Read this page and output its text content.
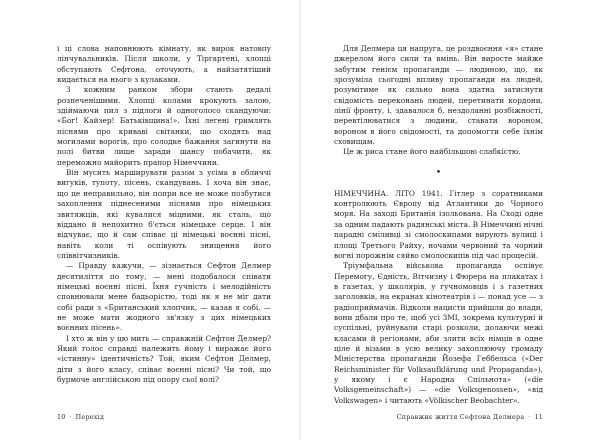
і ці слова наповнюють кімнату, як вирок натовпу лінчувальників. Після школи, у Тіргартені, хлопці обступають Сефтона, оточують, а найзатятіший кидається на нього з кулаками.

З кожним ранком збори стають дедалі розпеченішими. Хлопці колами крокують залою, здіймаючи пил з підлоги й одноголосо скандуючи: «Бог! Кайзер! Батьківщина!». Їхні легені гримлять піснями про криваві світанки, що сходять над могилами ворогів, про солодке бажання загинути на полі битви лише заради шансу побачити, як переможно майорить прапор Німеччини.

Він мусить марширувати разом з усіма в обличчі вигуків, тупоту, пісень, скандувань. І хоча він знає, що це неправильно, він попри все не може позбутися захоплення піднесеними піснями про німецьких звитяжців, які кувалися міцними, як сталь, що віддано й непохитно б'ється німецьке серце. І він відчуває, що й сам співає ці німецькі воєнні пісні, навіть коли ті оспівують знищення його співвітчизників.

— Правду кажучи, — зізнається Сефтон Делмер десятиліття по тому, — мені подобалося співати німецькі воєнні пісні. Їхня гучність і мелодійність сповнювали мене бадьорістю, тоді як я не міг дати собі ради з «Британський хлопчик, — казав я собі, — не може мати жодного зв'язку з цих німецьких воєнних пісень».

І хто ж він у цю мить — справжній Сефтон Делмер? Який голос справді належить йому і виражає його «істинну» ідентичність? Той, яким Сефтон Делмер, діти з його класу, співає воєнні пісні? Чи той, що бурмоче англійською під опору сьої волі?

10 · Перехід

Для Делмера ця напруга, це роздвоєння «я» стане джерелом його сили та вмінь. Він виросте майже забутим генієм пропаганди — людиною, що, як зрозуміла сьогодні впливу пропаганди на людей, розумітиме як сильно вона здатна затиснути свідомість переконань людей, перетинати кордони, лінії фронту, і, здавалося б, нездоланні розбіжності, перевтілюватися з людини, ставати вороном, вороном в його свідомості, та допомогти себе їхнім сховищам.

Це ж риса стане його найбільшою слабкістю.

•

НІМЕЧЧИНА. ЛІТО 1941. Гітлер з соратниками контролюють Європу від Атлантики до Чорного моря. На заході Британія ізольована. На Сході одне за одним падають радянські міста. В Німеччині нічні парадні сміливці зі смолоскипами вирують вулиці і площі Третього Райху, ночами червоний та чорний вогні порожнім сяйво смолоскипів під час процесій.

Тріумфальна військова пропаганда оспівує Перемогу, Єдність, Вітчизну і Фюрера на плакатах і в газетах, у школярів, у гучномовців і з газетних заголовків, на екранах кінотеатрів і — понад усе — з радіоприймачів. Відколи нацисти прийшли до влади, вони дбали про те, щоб усі ЗМІ, зокрема культурні й суспільні, руйнували старі розколи, долаючи межі класами й регіонами, аби злити всіх німців в одне ціле й візьми в усю велику захоплюючу громаду Міністерства пропаганди Йозефа Геббельса («Der Reichsminister für Volksaufklärung und Propaganda»), у якому і є Народна Спільнота» («die Volksgemeinschaft») — «die Volksgenossen», «від Volkswagen» і читають «Völkischer Beobachter».

Справжнє життя Сефтона Делмера · 11
